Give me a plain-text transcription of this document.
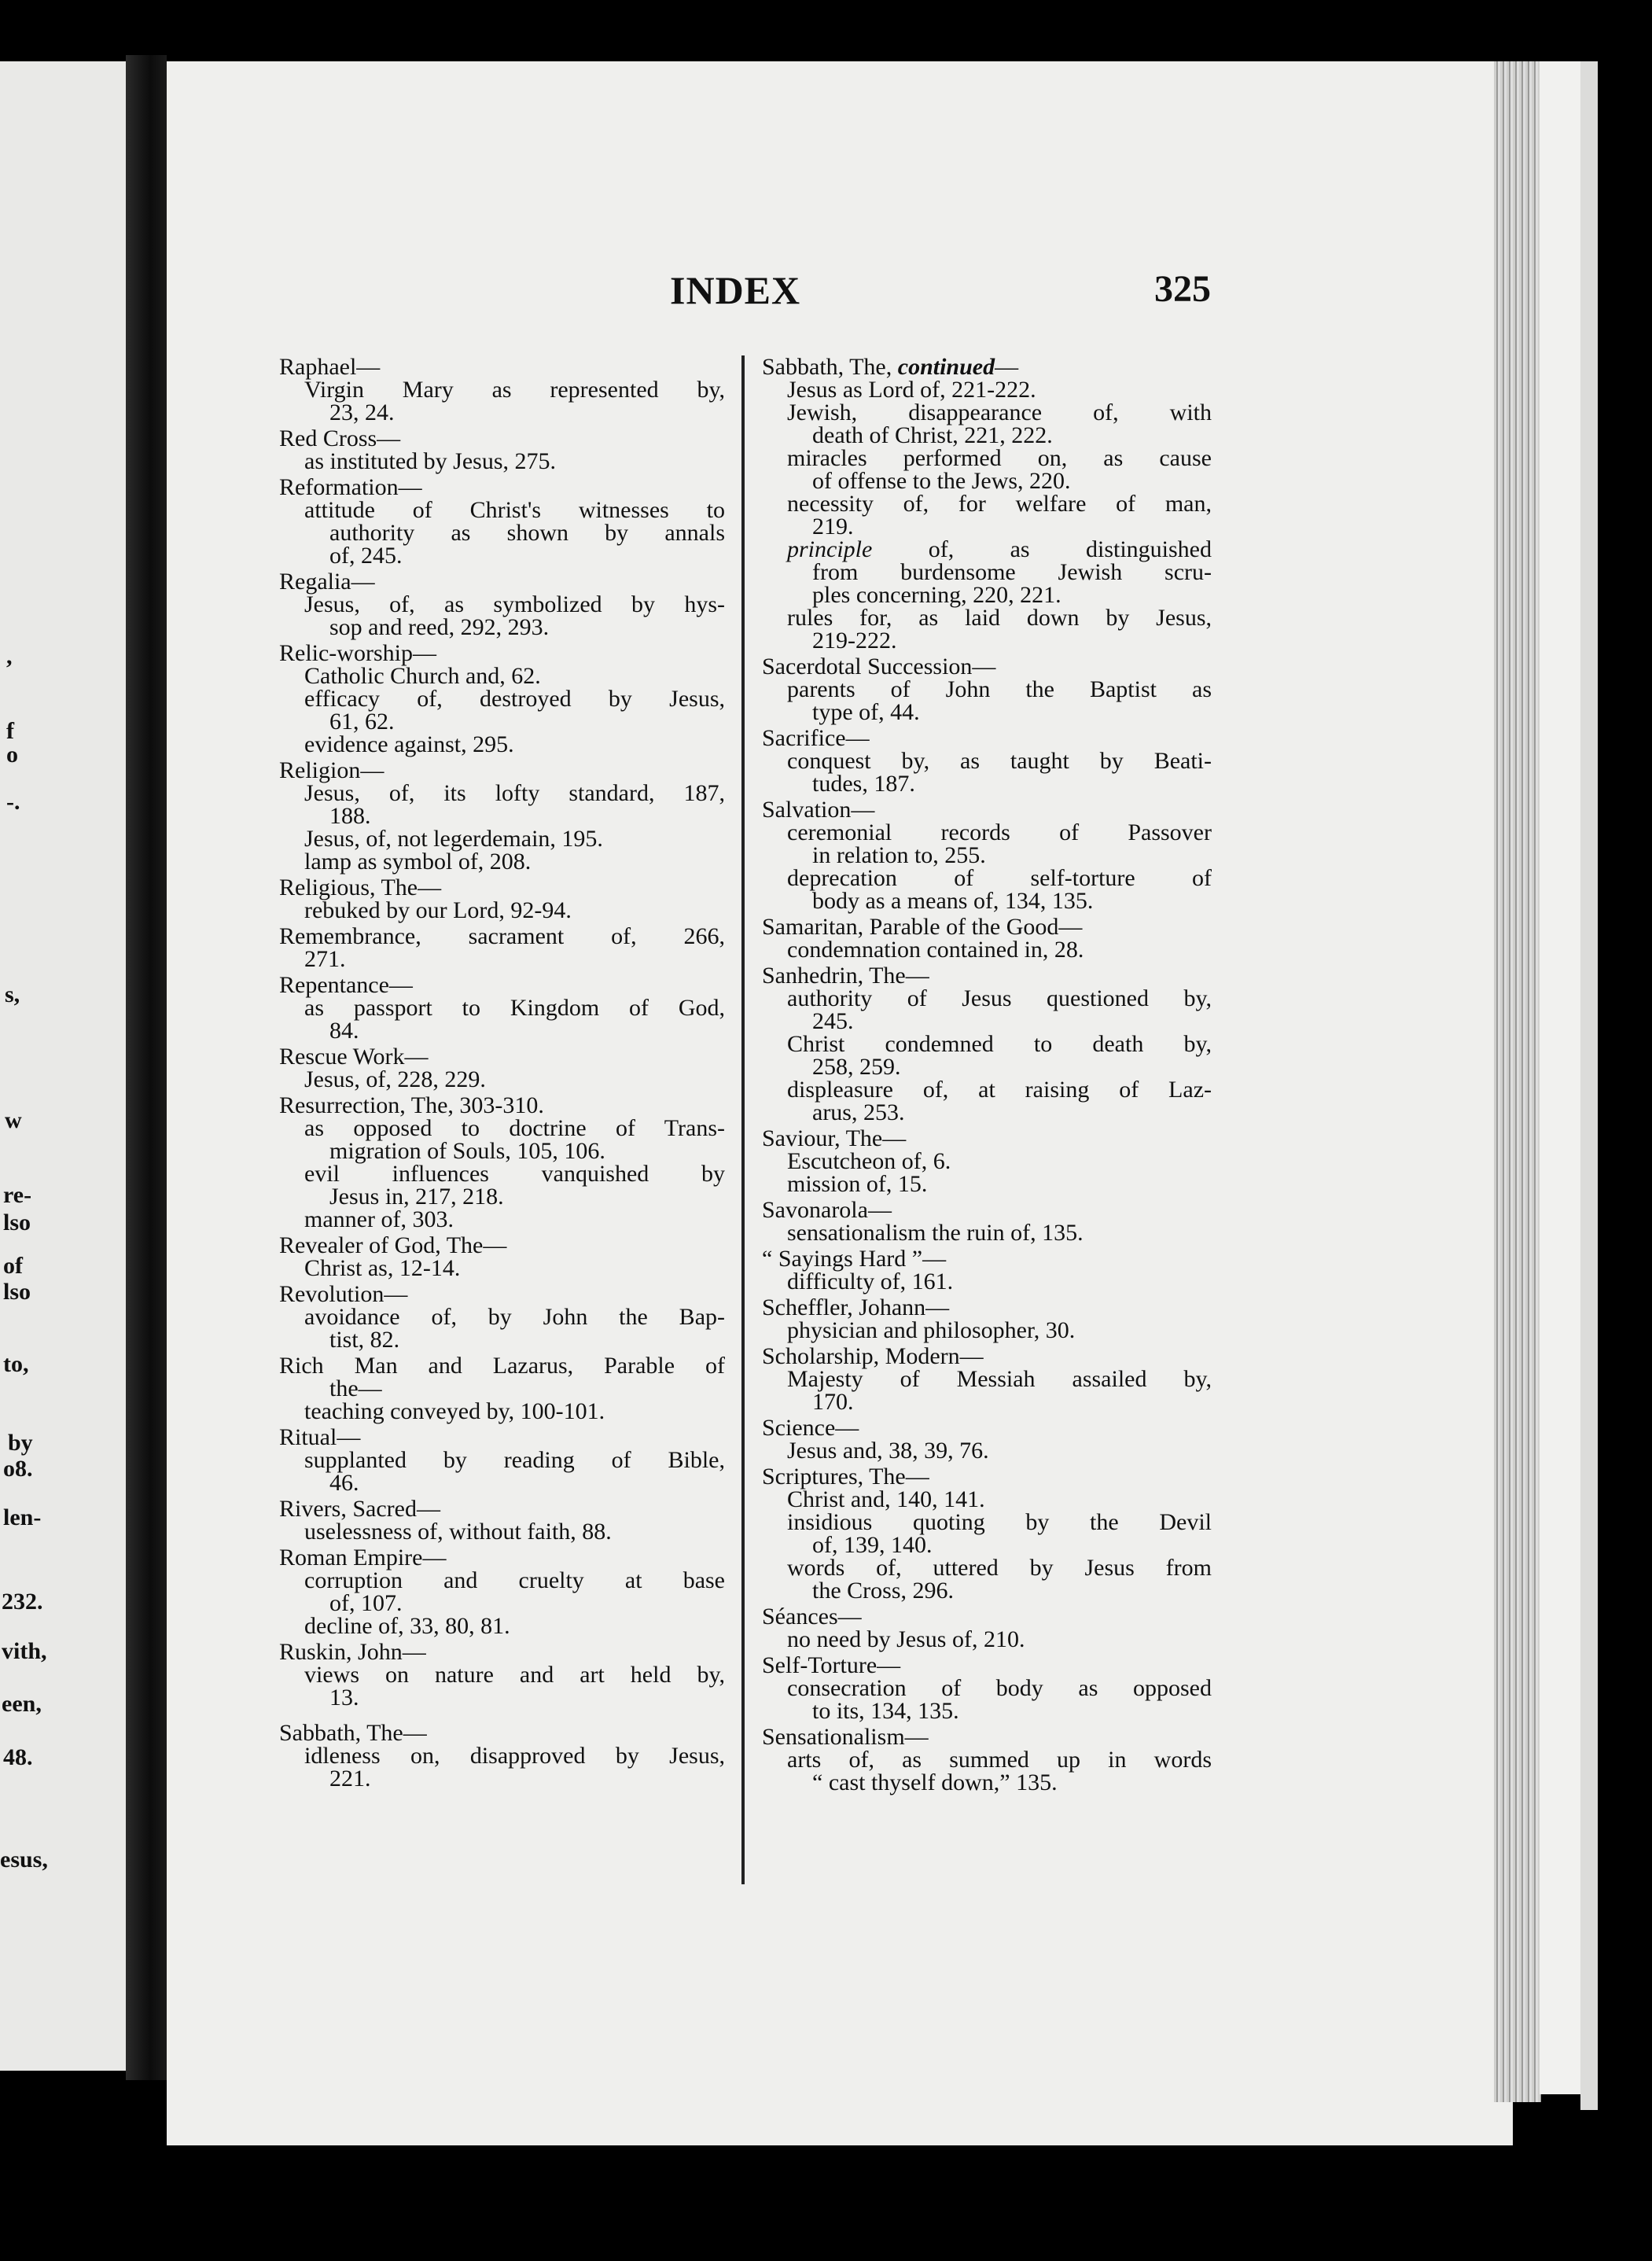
,
f
o
-.
s,
w
re-
lso
of
lso
to,
by
o8.
len-
232.
vith,
een,
48.
esus,
INDEX	325
Raphael—
Virgin Mary as represented by,
23, 24.
Red Cross—
as instituted by Jesus, 275.
Reformation—
attitude of Christ's witnesses to
authority as shown by annals
of, 245.
Regalia—
Jesus, of, as symbolized by hys-
sop and reed, 292, 293.
Relic-worship—
Catholic Church and, 62.
efficacy of, destroyed by Jesus,
61, 62.
evidence against, 295.
Religion—
Jesus, of, its lofty standard, 187,
188.
Jesus, of, not legerdemain, 195.
lamp as symbol of, 208.
Religious, The—
rebuked by our Lord, 92-94.
Remembrance, sacrament of, 266,
271.
Repentance—
as passport to Kingdom of God,
84.
Rescue Work—
Jesus, of, 228, 229.
Resurrection, The, 303-310.
as opposed to doctrine of Trans-
migration of Souls, 105, 106.
evil influences vanquished by
Jesus in, 217, 218.
manner of, 303.
Revealer of God, The—
Christ as, 12-14.
Revolution—
avoidance of, by John the Bap-
tist, 82.
Rich Man and Lazarus, Parable of
the—
teaching conveyed by, 100-101.
Ritual—
supplanted by reading of Bible,
46.
Rivers, Sacred—
uselessness of, without faith, 88.
Roman Empire—
corruption and cruelty at base
of, 107.
decline of, 33, 80, 81.
Ruskin, John—
views on nature and art held by,
13.
Sabbath, The—
idleness on, disapproved by Jesus,
221.
Sabbath, The, continued—
Jesus as Lord of, 221-222.
Jewish, disappearance of, with
death of Christ, 221, 222.
miracles performed on, as cause
of offense to the Jews, 220.
necessity of, for welfare of man,
219.
principle of, as distinguished
from burdensome Jewish scru-
ples concerning, 220, 221.
rules for, as laid down by Jesus,
219-222.
Sacerdotal Succession—
parents of John the Baptist as
type of, 44.
Sacrifice—
conquest by, as taught by Beati-
tudes, 187.
Salvation—
ceremonial records of Passover
in relation to, 255.
deprecation of self-torture of
body as a means of, 134, 135.
Samaritan, Parable of the Good—
condemnation contained in, 28.
Sanhedrin, The—
authority of Jesus questioned by,
245.
Christ condemned to death by,
258, 259.
displeasure of, at raising of Laz-
arus, 253.
Saviour, The—
Escutcheon of, 6.
mission of, 15.
Savonarola—
sensationalism the ruin of, 135.
“ Sayings Hard ”—
difficulty of, 161.
Scheffler, Johann—
physician and philosopher, 30.
Scholarship, Modern—
Majesty of Messiah assailed by,
170.
Science—
Jesus and, 38, 39, 76.
Scriptures, The—
Christ and, 140, 141.
insidious quoting by the Devil
of, 139, 140.
words of, uttered by Jesus from
the Cross, 296.
Séances—
no need by Jesus of, 210.
Self-Torture—
consecration of body as opposed
to its, 134, 135.
Sensationalism—
arts of, as summed up in words
“ cast thyself down,” 135.
